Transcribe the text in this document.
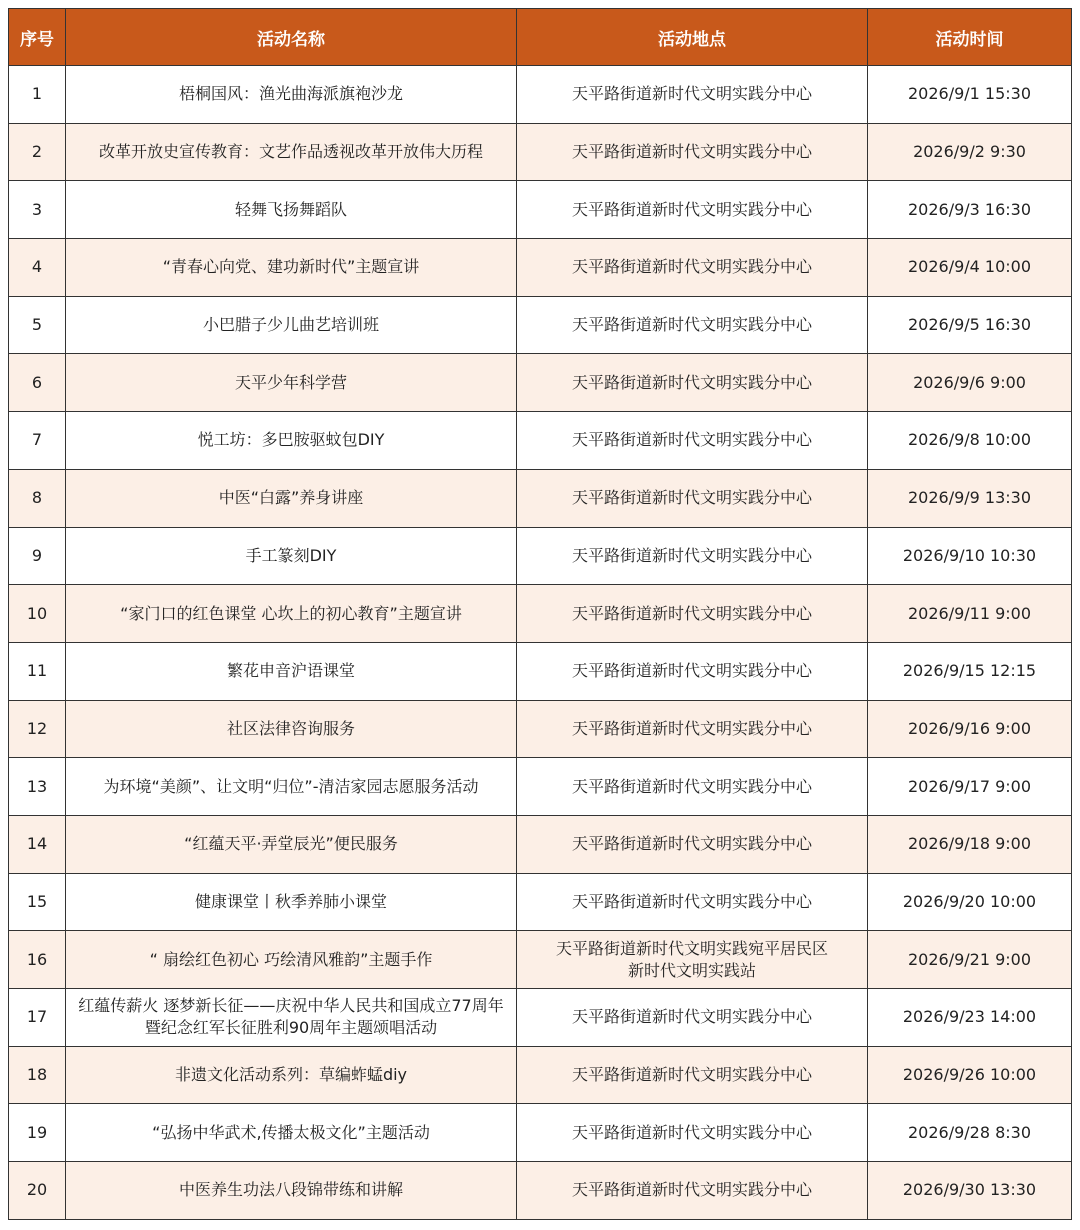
序号	活动名称	活动地点	活动时间
1	梧桐国风：渔光曲海派旗袍沙龙	天平路街道新时代文明实践分中心	2026/9/1 15:30
2	改革开放史宣传教育：文艺作品透视改革开放伟大历程	天平路街道新时代文明实践分中心	2026/9/2 9:30
3	轻舞飞扬舞蹈队	天平路街道新时代文明实践分中心	2026/9/3 16:30
4	“青春心向党、建功新时代”主题宣讲	天平路街道新时代文明实践分中心	2026/9/4 10:00
5	小巴腊子少儿曲艺培训班	天平路街道新时代文明实践分中心	2026/9/5 16:30
6	天平少年科学营	天平路街道新时代文明实践分中心	2026/9/6 9:00
7	悦工坊：多巴胺驱蚊包DIY	天平路街道新时代文明实践分中心	2026/9/8 10:00
8	中医“白露”养身讲座	天平路街道新时代文明实践分中心	2026/9/9 13:30
9	手工篆刻DIY	天平路街道新时代文明实践分中心	2026/9/10 10:30
10	“家门口的红色课堂 心坎上的初心教育”主题宣讲	天平路街道新时代文明实践分中心	2026/9/11 9:00
11	繁花申音沪语课堂	天平路街道新时代文明实践分中心	2026/9/15 12:15
12	社区法律咨询服务	天平路街道新时代文明实践分中心	2026/9/16 9:00
13	为环境“美颜”、让文明“归位”-清洁家园志愿服务活动	天平路街道新时代文明实践分中心	2026/9/17 9:00
14	“红蕴天平·弄堂辰光”便民服务	天平路街道新时代文明实践分中心	2026/9/18 9:00
15	健康课堂丨秋季养肺小课堂	天平路街道新时代文明实践分中心	2026/9/20 10:00
16	“ 扇绘红色初心 巧绘清风雅韵”主题手作	天平路街道新时代文明实践宛平居民区
新时代文明实践站	2026/9/21 9:00
17	红蕴传薪火 逐梦新长征——庆祝中华人民共和国成立77周年
暨纪念红军长征胜利90周年主题颂唱活动	天平路街道新时代文明实践分中心	2026/9/23 14:00
18	非遗文化活动系列：草编蚱蜢diy	天平路街道新时代文明实践分中心	2026/9/26 10:00
19	“弘扬中华武术,传播太极文化”主题活动	天平路街道新时代文明实践分中心	2026/9/28 8:30
20	中医养生功法八段锦带练和讲解	天平路街道新时代文明实践分中心	2026/9/30 13:30
